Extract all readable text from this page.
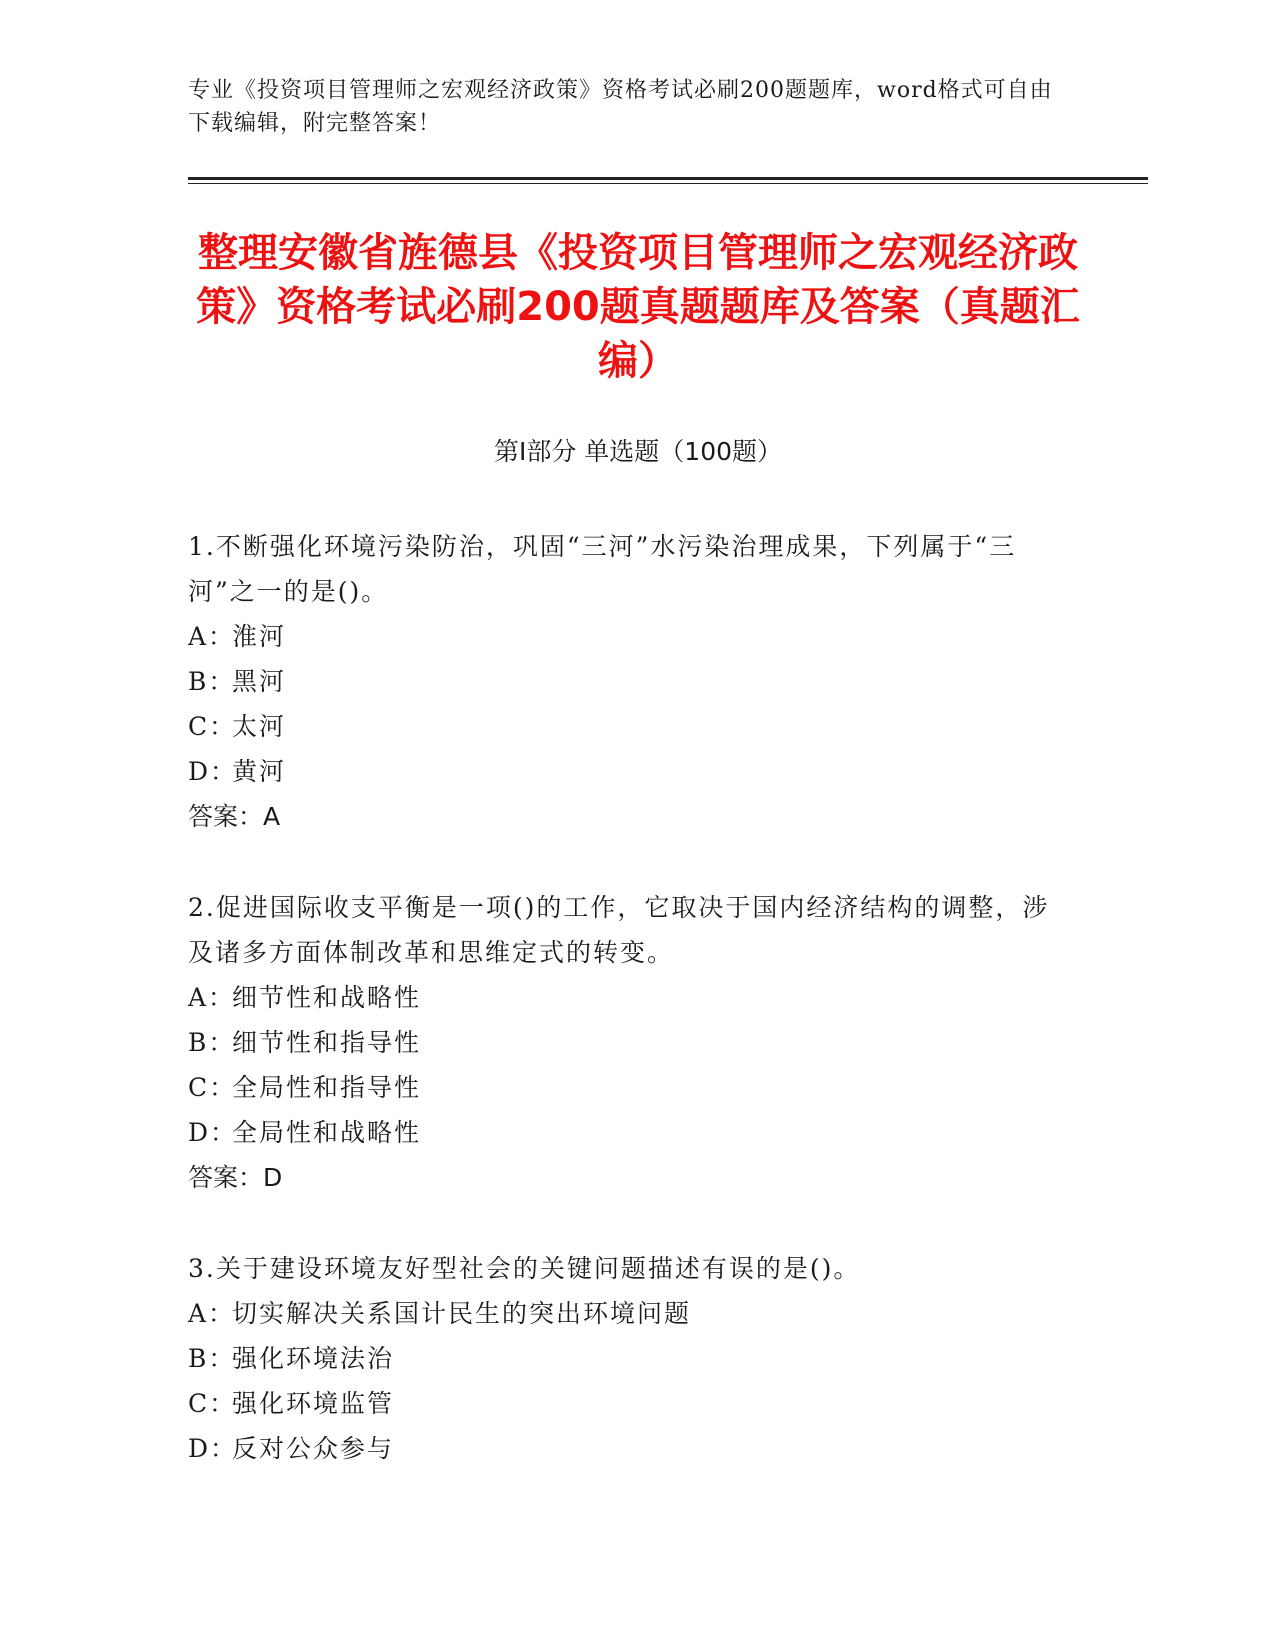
专业《投资项目管理师之宏观经济政策》资格考试必刷200题题库，word格式可自由下载编辑，附完整答案！
整理安徽省旌德县《投资项目管理师之宏观经济政策》资格考试必刷200题真题题库及答案（真题汇编）
第Ⅰ部分 单选题（100题）
1.不断强化环境污染防治，巩固“三河”水污染治理成果，下列属于“三河”之一的是()。
A：
淮河
B：
黑河
C：
太河
D：
黄河
答案：A
2.促进国际收支平衡是一项()的工作，它取决于国内经济结构的调整，涉及诸多方面体制改革和思维定式的转变。
A：
细节性和战略性
B：
细节性和指导性
C：
全局性和指导性
D：
全局性和战略性
答案：D
3.关于建设环境友好型社会的关键问题描述有误的是()。
A：
切实解决关系国计民生的突出环境问题
B：
强化环境法治
C：
强化环境监管
D：
反对公众参与
